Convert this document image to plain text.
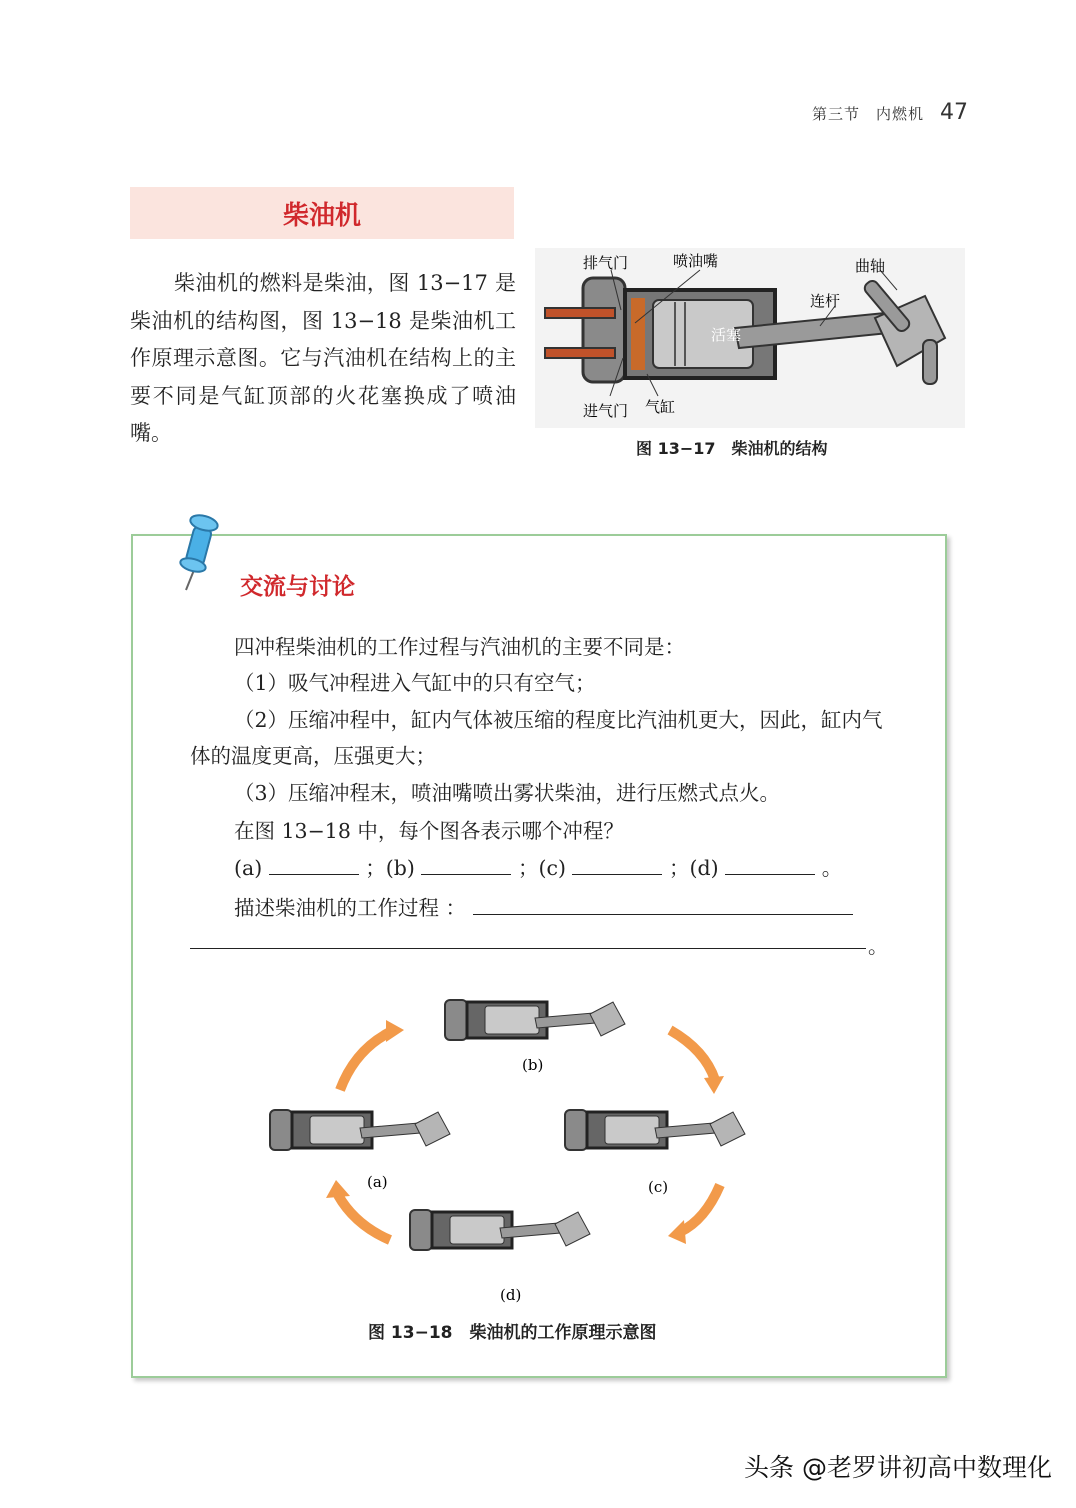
第三节　内燃机 47
柴油机
柴油机的燃料是柴油，图 13−17 是柴油机的结构图，图 13−18 是柴油机工作原理示意图。它与汽油机在结构上的主要不同是气缸顶部的火花塞换成了喷油嘴。
排气门	喷油嘴	曲轴
连杆
活塞
进气门 气缸
图 13−17　柴油机的结构
交流与讨论
四冲程柴油机的工作过程与汽油机的主要不同是：
（1）吸气冲程进入气缸中的只有空气；
（2）压缩冲程中，缸内气体被压缩的程度比汽油机更大，因此，缸内气体的温度更高，压强更大；
（3）压缩冲程末，喷油嘴喷出雾状柴油，进行压燃式点火。
在图 13−18 中，每个图各表示哪个冲程？
(a)	；(b)	；(c)	；(d)	。
描述柴油机的工作过程 ：
。
(b)
(a)	(c)
(d)
图 13−18　柴油机的工作原理示意图
头条 @老罗讲初高中数理化
